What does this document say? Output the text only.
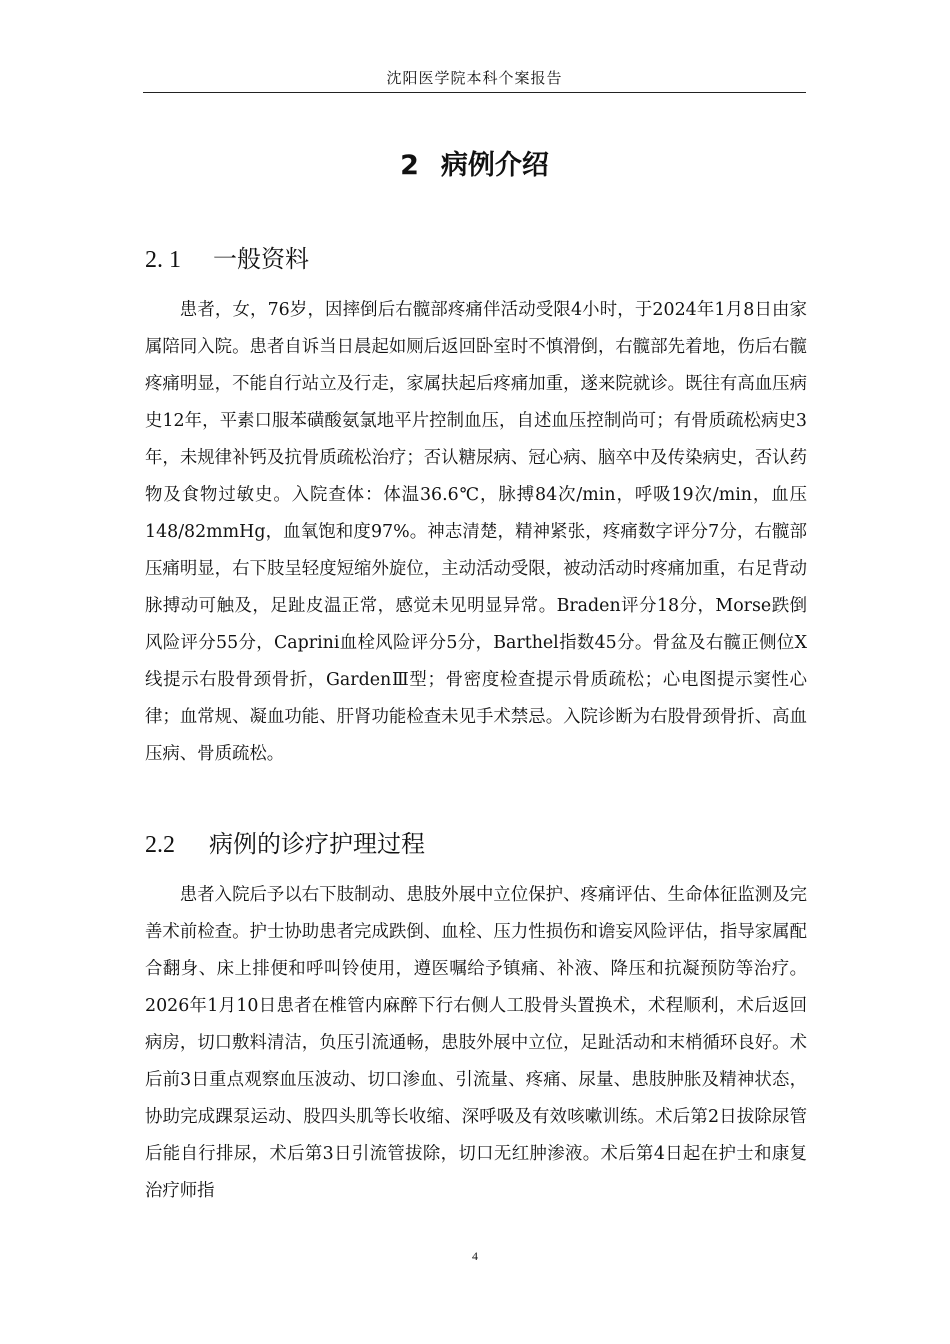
沈阳医学院本科个案报告
2 病例介绍
2. 1 一般资料

患者，女，76岁，因摔倒后右髋部疼痛伴活动受限4小时，于2024年1月8日由家属陪同入院。患者自诉当日晨起如厕后返回卧室时不慎滑倒，右髋部先着地，伤后右髋疼痛明显，不能自行站立及行走，家属扶起后疼痛加重，遂来院就诊。既往有高血压病史12年，平素口服苯磺酸氨氯地平片控制血压，自述血压控制尚可；有骨质疏松病史3年，未规律补钙及抗骨质疏松治疗；否认糖尿病、冠心病、脑卒中及传染病史，否认药物及食物过敏史。入院查体：体温36.6℃，脉搏84次/min，呼吸19次/min，血压148/82mmHg，血氧饱和度97%。神志清楚，精神紧张，疼痛数字评分7分，右髋部压痛明显，右下肢呈轻度短缩外旋位，主动活动受限，被动活动时疼痛加重，右足背动脉搏动可触及，足趾皮温正常，感觉未见明显异常。Braden评分18分，Morse跌倒风险评分55分，Caprini血栓风险评分5分，Barthel指数45分。骨盆及右髋正侧位X线提示右股骨颈骨折，GardenⅢ型；骨密度检查提示骨质疏松；心电图提示窦性心律；血常规、凝血功能、肝肾功能检查未见手术禁忌。入院诊断为右股骨颈骨折、高血压病、骨质疏松。

2.2 病例的诊疗护理过程

患者入院后予以右下肢制动、患肢外展中立位保护、疼痛评估、生命体征监测及完善术前检查。护士协助患者完成跌倒、血栓、压力性损伤和谵妄风险评估，指导家属配合翻身、床上排便和呼叫铃使用，遵医嘱给予镇痛、补液、降压和抗凝预防等治疗。2026年1月10日患者在椎管内麻醉下行右侧人工股骨头置换术，术程顺利，术后返回病房，切口敷料清洁，负压引流通畅，患肢外展中立位，足趾活动和末梢循环良好。术后前3日重点观察血压波动、切口渗血、引流量、疼痛、尿量、患肢肿胀及精神状态，协助完成踝泵运动、股四头肌等长收缩、深呼吸及有效咳嗽训练。术后第2日拔除尿管后能自行排尿，术后第3日引流管拔除，切口无红肿渗液。术后第4日起在护士和康复治疗师指

4
